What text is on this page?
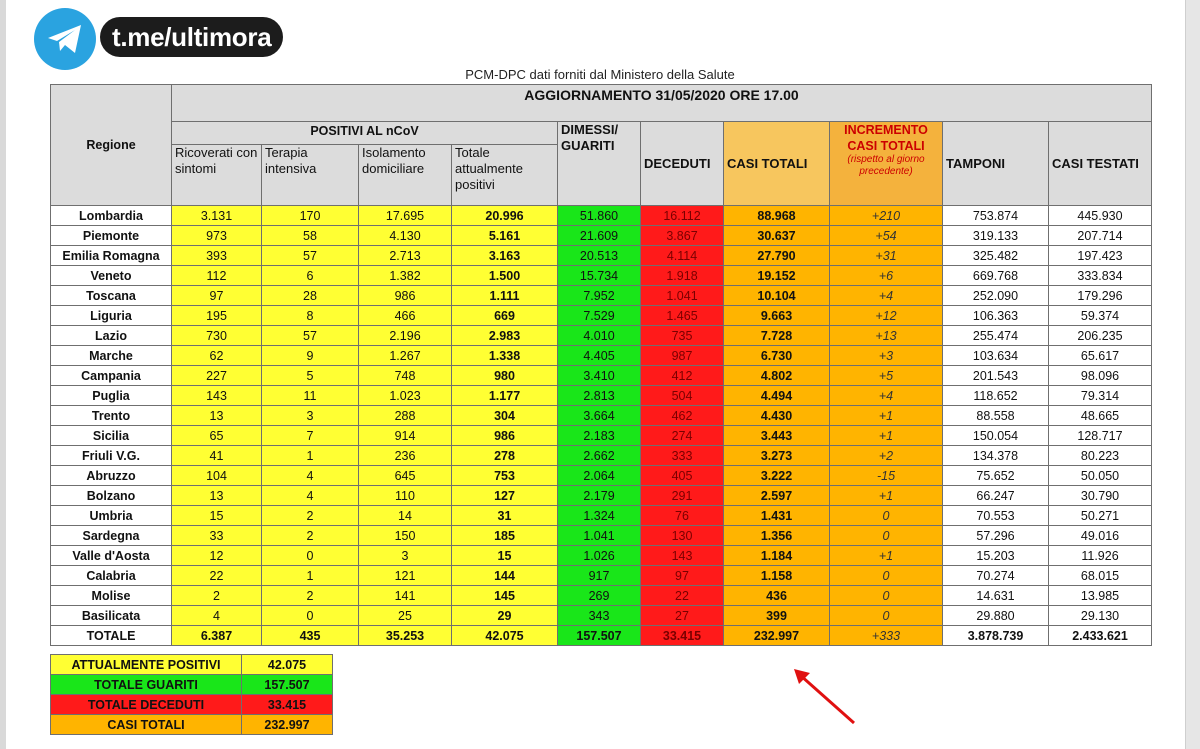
t.me/ultimora
PCM-DPC dati forniti dal Ministero della Salute
Regione	AGGIORNAMENTO 31/05/2020 ORE 17.00									
	POSITIVI AL nCoV				DIMESSI/ GUARITI	DECEDUTI	CASI TOTALI	INCREMENTO CASI TOTALI
(rispetto al giorno precedente)	TAMPONI	CASI TESTATI
	Ricoverati con sintomi	Terapia intensiva	Isolamento domiciliare	Totale attualmente positivi						
Lombardia	3.131	170	17.695	20.996	51.860	16.112	88.968	+210	753.874	445.930
Piemonte	973	58	4.130	5.161	21.609	3.867	30.637	+54	319.133	207.714
Emilia Romagna	393	57	2.713	3.163	20.513	4.114	27.790	+31	325.482	197.423
Veneto	112	6	1.382	1.500	15.734	1.918	19.152	+6	669.768	333.834
Toscana	97	28	986	1.111	7.952	1.041	10.104	+4	252.090	179.296
Liguria	195	8	466	669	7.529	1.465	9.663	+12	106.363	59.374
Lazio	730	57	2.196	2.983	4.010	735	7.728	+13	255.474	206.235
Marche	62	9	1.267	1.338	4.405	987	6.730	+3	103.634	65.617
Campania	227	5	748	980	3.410	412	4.802	+5	201.543	98.096
Puglia	143	11	1.023	1.177	2.813	504	4.494	+4	118.652	79.314
Trento	13	3	288	304	3.664	462	4.430	+1	88.558	48.665
Sicilia	65	7	914	986	2.183	274	3.443	+1	150.054	128.717
Friuli V.G.	41	1	236	278	2.662	333	3.273	+2	134.378	80.223
Abruzzo	104	4	645	753	2.064	405	3.222	-15	75.652	50.050
Bolzano	13	4	110	127	2.179	291	2.597	+1	66.247	30.790
Umbria	15	2	14	31	1.324	76	1.431	0	70.553	50.271
Sardegna	33	2	150	185	1.041	130	1.356	0	57.296	49.016
Valle d'Aosta	12	0	3	15	1.026	143	1.184	+1	15.203	11.926
Calabria	22	1	121	144	917	97	1.158	0	70.274	68.015
Molise	2	2	141	145	269	22	436	0	14.631	13.985
Basilicata	4	0	25	29	343	27	399	0	29.880	29.130
TOTALE	6.387	435	35.253	42.075	157.507	33.415	232.997	+333	3.878.739	2.433.621
ATTUALMENTE POSITIVI	42.075
TOTALE GUARITI	157.507
TOTALE DECEDUTI	33.415
CASI TOTALI	232.997
